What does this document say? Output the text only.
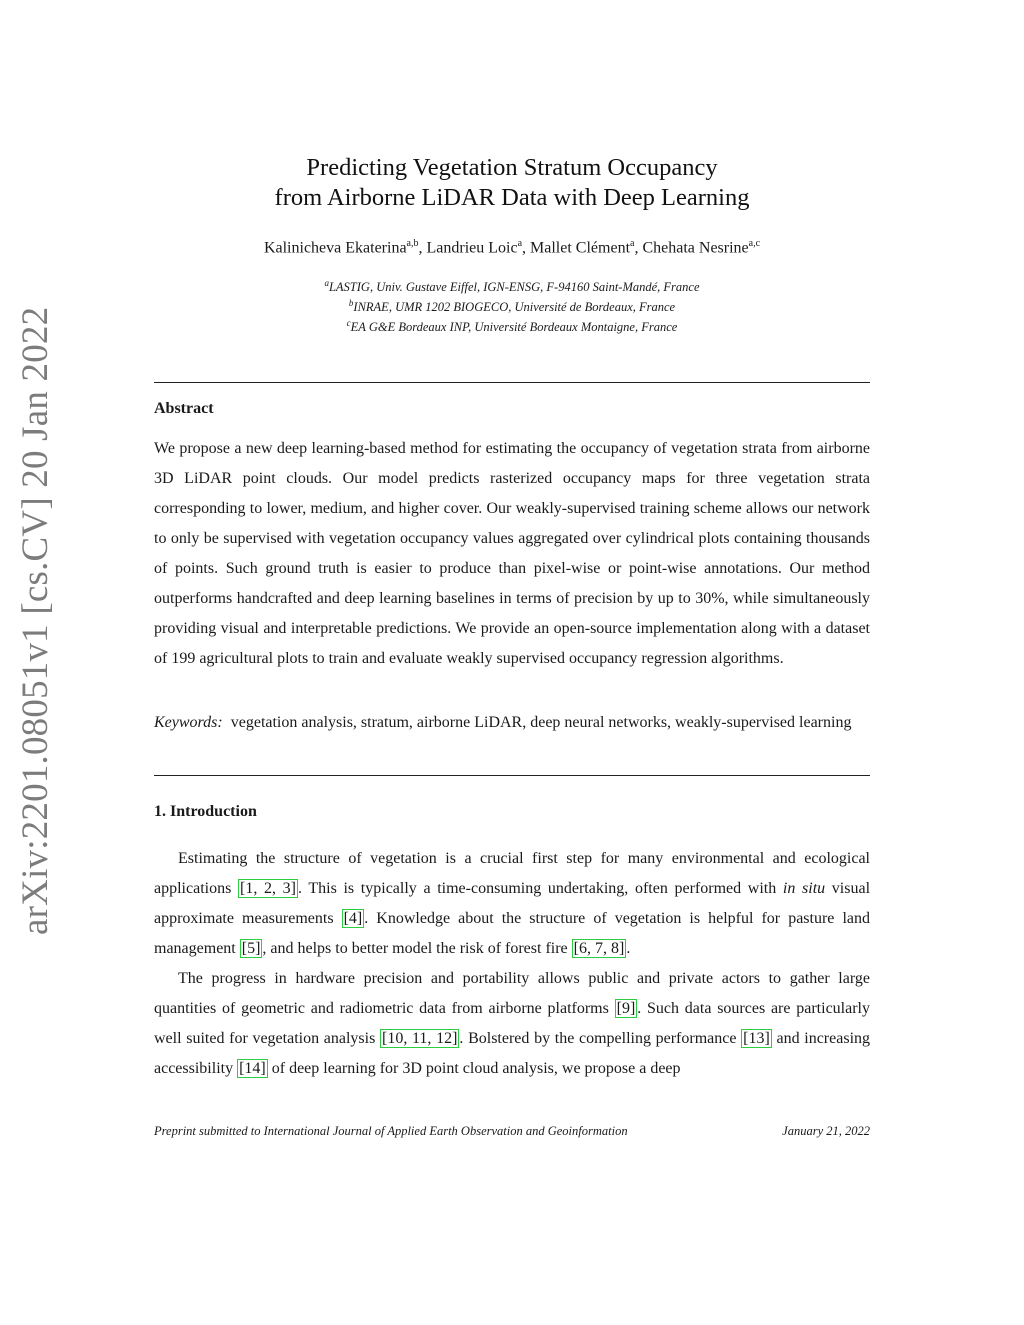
arXiv:2201.08051v1 [cs.CV] 20 Jan 2022
Predicting Vegetation Stratum Occupancy
from Airborne LiDAR Data with Deep Learning
Kalinicheva Ekaterina$^{a,b}$, Landrieu Loic$^a$, Mallet Clément$^a$, Chehata Nesrine$^{a,c}$
$^a$LASTIG, Univ. Gustave Eiffel, IGN-ENSG, F-94160 Saint-Mandé, France
$^b$INRAE, UMR 1202 BIOGECO, Université de Bordeaux, France
$^c$EA G&E Bordeaux INP, Université Bordeaux Montaigne, France
Abstract
We propose a new deep learning-based method for estimating the occupancy of vegetation strata from airborne 3D LiDAR point clouds. Our model predicts rasterized occupancy maps for three vegetation strata corresponding to lower, medium, and higher cover. Our weakly-supervised training scheme allows our network to only be supervised with vegetation occupancy values aggregated over cylindrical plots containing thousands of points. Such ground truth is easier to produce than pixel-wise or point-wise annotations. Our method outperforms handcrafted and deep learning baselines in terms of precision by up to 30%, while simultaneously providing visual and interpretable predictions. We provide an open-source implementation along with a dataset of 199 agricultural plots to train and evaluate weakly supervised occupancy regression algorithms.
Keywords: vegetation analysis, stratum, airborne LiDAR, deep neural networks, weakly-supervised learning
1. Introduction
Estimating the structure of vegetation is a crucial first step for many environmental and ecological applications [1, 2, 3] . This is typically a time-consuming undertaking, often performed with in situ visual approximate measurements [4] . Knowledge about the structure of vegetation is helpful for pasture land management [5] , and helps to better model the risk of forest fire [6, 7, 8] .
The progress in hardware precision and portability allows public and private actors to gather large quantities of geometric and radiometric data from airborne platforms [9] . Such data sources are particularly well suited for vegetation analysis [10, 11, 12] . Bolstered by the compelling performance [13] and increasing accessibility [14] of deep learning for 3D point cloud analysis, we propose a deep
Preprint submitted to International Journal of Applied Earth Observation and Geoinformation	January 21, 2022
